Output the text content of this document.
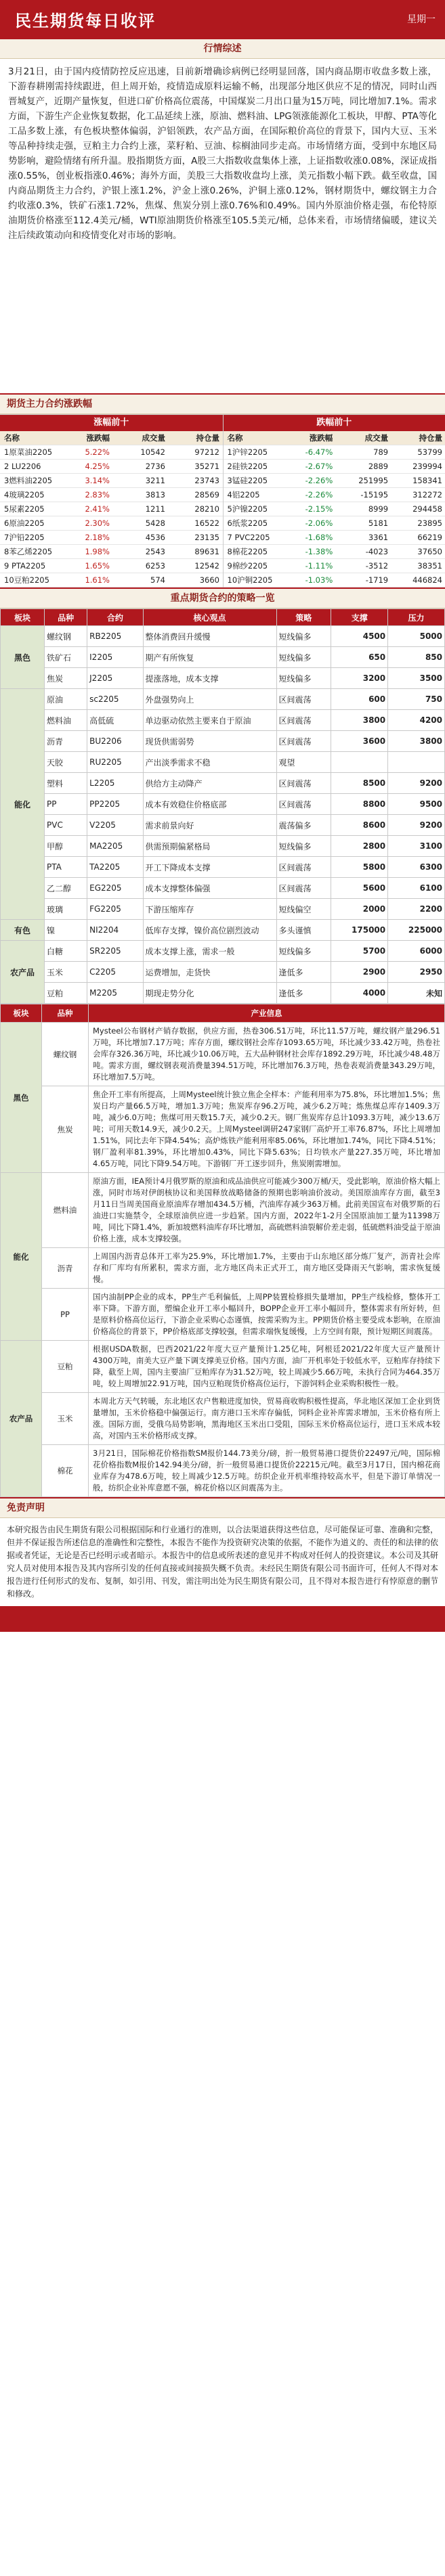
民生期货每日收评	星期一
行情综述
3月21日，由于国内疫情防控反应迅速，目前新增确诊病例已经明显回落，国内商品期市收盘多数上涨，下游春耕刚需持续跟进，但上周开始，疫情造成原料运输不畅，出现部分地区供应不足的情况，同时山西晋城复产，近期产量恢复，但进口矿价格高位震荡，中国煤炭二月出口量为15万吨，同比增加7.1%。需求方面，下游生产企业恢复数据，化工品延续上涨，原油、燃料油、LPG领涨能源化工板块，甲醇、PTA等化工品多数上涨，有色板块整体偏弱，沪铝领跌，农产品方面，在国际粮价高位的背景下，国内大豆、玉米等品种持续走强，豆粕主力合约上涨，菜籽粕、豆油、棕榈油同步走高。市场情绪方面，受到中东地区局势影响，避险情绪有所升温。股指期货方面，A股三大指数收盘集体上涨，上证指数收涨0.08%，深证成指涨0.55%，创业板指涨0.46%；海外方面，美股三大指数收盘均上涨，美元指数小幅下跌。截至收盘，国内商品期货主力合约，沪银上涨1.2%，沪金上涨0.26%，沪铜上涨0.12%，钢材期货中，螺纹钢主力合约收涨0.3%，铁矿石涨1.72%，焦煤、焦炭分别上涨0.76%和0.49%。国内外原油价格走强，布伦特原油期货价格涨至112.4美元/桶，WTI原油期货价格涨至105.5美元/桶，总体来看，市场情绪偏暖，建议关注后续政策动向和疫情变化对市场的影响。
期货主力合约涨跌幅
涨幅前十
名称	涨跌幅	成交量	持仓量
1原菜油2205	5.22%	10542	97212
2 LU2206	4.25%	2736	35271
3燃料油2205	3.14%	3211	23743
4玻璃2205	2.83%	3813	28569
5尿素2205	2.41%	1211	28210
6原油2205	2.30%	5428	16522
7沪铅2205	2.18%	4536	23135
8苯乙烯2205	1.98%	2543	89631
9 PTA2205	1.65%	6253	12542
10豆粕2205	1.61%	574	3660
跌幅前十
名称	涨跌幅	成交量	持仓量
1沪锌2205	-6.47%	789	53799
2硅铁2205	-2.67%	2889	239994
3锰硅2205	-2.26%	251995	158341
4铝2205	-2.26%	-15195	312272
5沪镍2205	-2.15%	8999	294458
6纸浆2205	-2.06%	5181	23895
7 PVC2205	-1.68%	3361	66219
8棉花2205	-1.38%	-4023	37650
9棉纱2205	-1.11%	-3512	38351
10沪铜2205	-1.03%	-1719	446824
重点期货合约的策略一览
板块	品种	合约	核心观点	策略	支撑	压力
黑色	螺纹钢	RB2205	整体消费回升缓慢	短线偏多	4500	5000
	铁矿石	I2205	期产有所恢复	短线偏多	650	850
	焦炭	J2205	提涨落地，成本支撑	短线偏多	3200	3500
能化	原油	sc2205	外盘强势向上	区间震荡	600	750
	燃料油	高低硫	单边驱动依然主要来自于原油	区间震荡	3800	4200
	沥青	BU2206	现货供需弱势	区间震荡	3600	3800
	天胶	RU2205	产出淡季需求不稳	观望		
	塑料	L2205	供给方主动降产	区间震荡	8500	9200
	PP	PP2205	成本有效稳住价格底部	区间震荡	8800	9500
	PVC	V2205	需求前景向好	震荡偏多	8600	9200
	甲醇	MA2205	供需预期偏紧格局	短线偏多	2800	3100
	PTA	TA2205	开工下降成本支撑	区间震荡	5800	6300
	乙二醇	EG2205	成本支撑整体偏强	区间震荡	5600	6100
	玻璃	FG2205	下游压缩库存	短线偏空	2000	2200
有色	镍	NI2204	低库存支撑，镍价高位剧烈波动	多头谨慎	175000	225000
农产品	白糖	SR2205	成本支撑上涨，需求一般	短线偏多	5700	6000
	玉米	C2205	运费增加，走货快	逢低多	2900	2950
	豆粕	M2205	期现走势分化	逢低多	4000	未知
板块	品种	产业信息
黑色	螺纹钢	Mysteel公布钢材产销存数据，供应方面，热卷306.51万吨，环比11.57万吨，螺纹钢产量296.51万吨，环比增加7.17万吨；库存方面，螺纹钢社会库存1093.65万吨，环比减少33.42万吨，热卷社会库存326.36万吨，环比减少10.06万吨，五大品种钢材社会库存1892.29万吨，环比减少48.48万吨。需求方面，螺纹钢表观消费量394.51万吨，环比增加76.3万吨，热卷表观消费量343.29万吨，环比增加7.5万吨。
	焦炭	焦企开工率有所提高，上周Mysteel统计独立焦企全样本：产能利用率为75.8%，环比增加1.5%；焦炭日均产量66.5万吨，增加1.3万吨；焦炭库存96.2万吨，减少6.2万吨；炼焦煤总库存1409.3万吨，减少6.0万吨；焦煤可用天数15.7天，减少0.2天。钢厂焦炭库存总计1093.3万吨，减少13.6万吨；可用天数14.9天，减少0.2天。上周Mysteel调研247家钢厂高炉开工率76.87%，环比上周增加1.51%，同比去年下降4.54%；高炉炼铁产能利用率85.06%，环比增加1.74%，同比下降4.51%；钢厂盈利率81.39%，环比增加0.43%，同比下降5.63%；日均铁水产量227.35万吨，环比增加4.65万吨，同比下降9.54万吨。下游钢厂开工逐步回升，焦炭刚需增加。
能化	燃料油	原油方面，IEA预计4月俄罗斯的原油和成品油供应可能减少300万桶/天，受此影响，原油价格大幅上涨，同时市场对伊朗核协议和美国释放战略储备的预期也影响油价波动。美国原油库存方面，截至3月11日当周美国商业原油库存增加434.5万桶，汽油库存减少363万桶。此前美国宣布对俄罗斯的石油进口实施禁令，全球原油供应进一步趋紧。国内方面，2022年1-2月全国原油加工量为11398万吨，同比下降1.4%，新加坡燃料油库存环比增加，高硫燃料油裂解价差走弱，低硫燃料油受益于原油价格上涨，成本支撑较强。
	沥青	上周国内沥青总体开工率为25.9%，环比增加1.7%，主要由于山东地区部分炼厂复产，沥青社会库存和厂库均有所累积，需求方面，北方地区尚未正式开工，南方地区受降雨天气影响，需求恢复缓慢。
	PP	国内油制PP企业的成本，PP生产毛利偏低，上周PP装置检修损失量增加，PP生产线检修，整体开工率下降。下游方面，塑编企业开工率小幅回升，BOPP企业开工率小幅回升，整体需求有所好转，但是原料价格高位运行，下游企业采购心态谨慎，按需采购为主。PP期货价格主要受成本影响，在原油价格高位的背景下，PP价格底部支撑较强，但需求端恢复缓慢，上方空间有限，预计短期区间震荡。
农产品	豆粕	根据USDA数据，巴西2021/22年度大豆产量预计1.25亿吨，阿根廷2021/22年度大豆产量预计4300万吨，南美大豆产量下调支撑美豆价格。国内方面，油厂开机率处于较低水平，豆粕库存持续下降，截至上周，国内主要油厂豆粕库存为31.52万吨，较上周减少5.66万吨，未执行合同为464.35万吨，较上周增加22.91万吨，国内豆粕现货价格高位运行，下游饲料企业采购积极性一般。
	玉米	本周北方天气转暖，东北地区农户售粮进度加快，贸易商收购积极性提高，华北地区深加工企业到货量增加，玉米价格稳中偏强运行。南方港口玉米库存偏低，饲料企业补库需求增加，玉米价格有所上涨。国际方面，受俄乌局势影响，黑海地区玉米出口受阻，国际玉米价格高位运行，进口玉米成本较高，对国内玉米价格形成支撑。
	棉花	3月21日，国际棉花价格指数SM报价144.73美分/磅，折一般贸易港口提货价22497元/吨，国际棉花价格指数M报价142.94美分/磅，折一般贸易港口提货价22215元/吨。截至3月17日，国内棉花商业库存为478.6万吨，较上周减少12.5万吨。纺织企业开机率维持较高水平，但是下游订单情况一般，纺织企业补库意愿不强，棉花价格以区间震荡为主。
免责声明
本研究报告由民生期货有限公司根据国际和行业通行的准则，以合法渠道获得这些信息，尽可能保证可靠、准确和完整，但并不保证报告所述信息的准确性和完整性，本报告不能作为投资研究决策的依据，不能作为道义的、责任的和法律的依据或者凭证，无论是否已经明示或者暗示。本报告中的信息或所表述的意见并不构成对任何人的投资建议。本公司及其研究人员对使用本报告及其内容所引发的任何直接或间接损失概不负责。未经民生期货有限公司书面许可，任何人不得对本报告进行任何形式的发布、复制，如引用、刊发，需注明出处为民生期货有限公司，且不得对本报告进行有悖原意的删节和修改。
